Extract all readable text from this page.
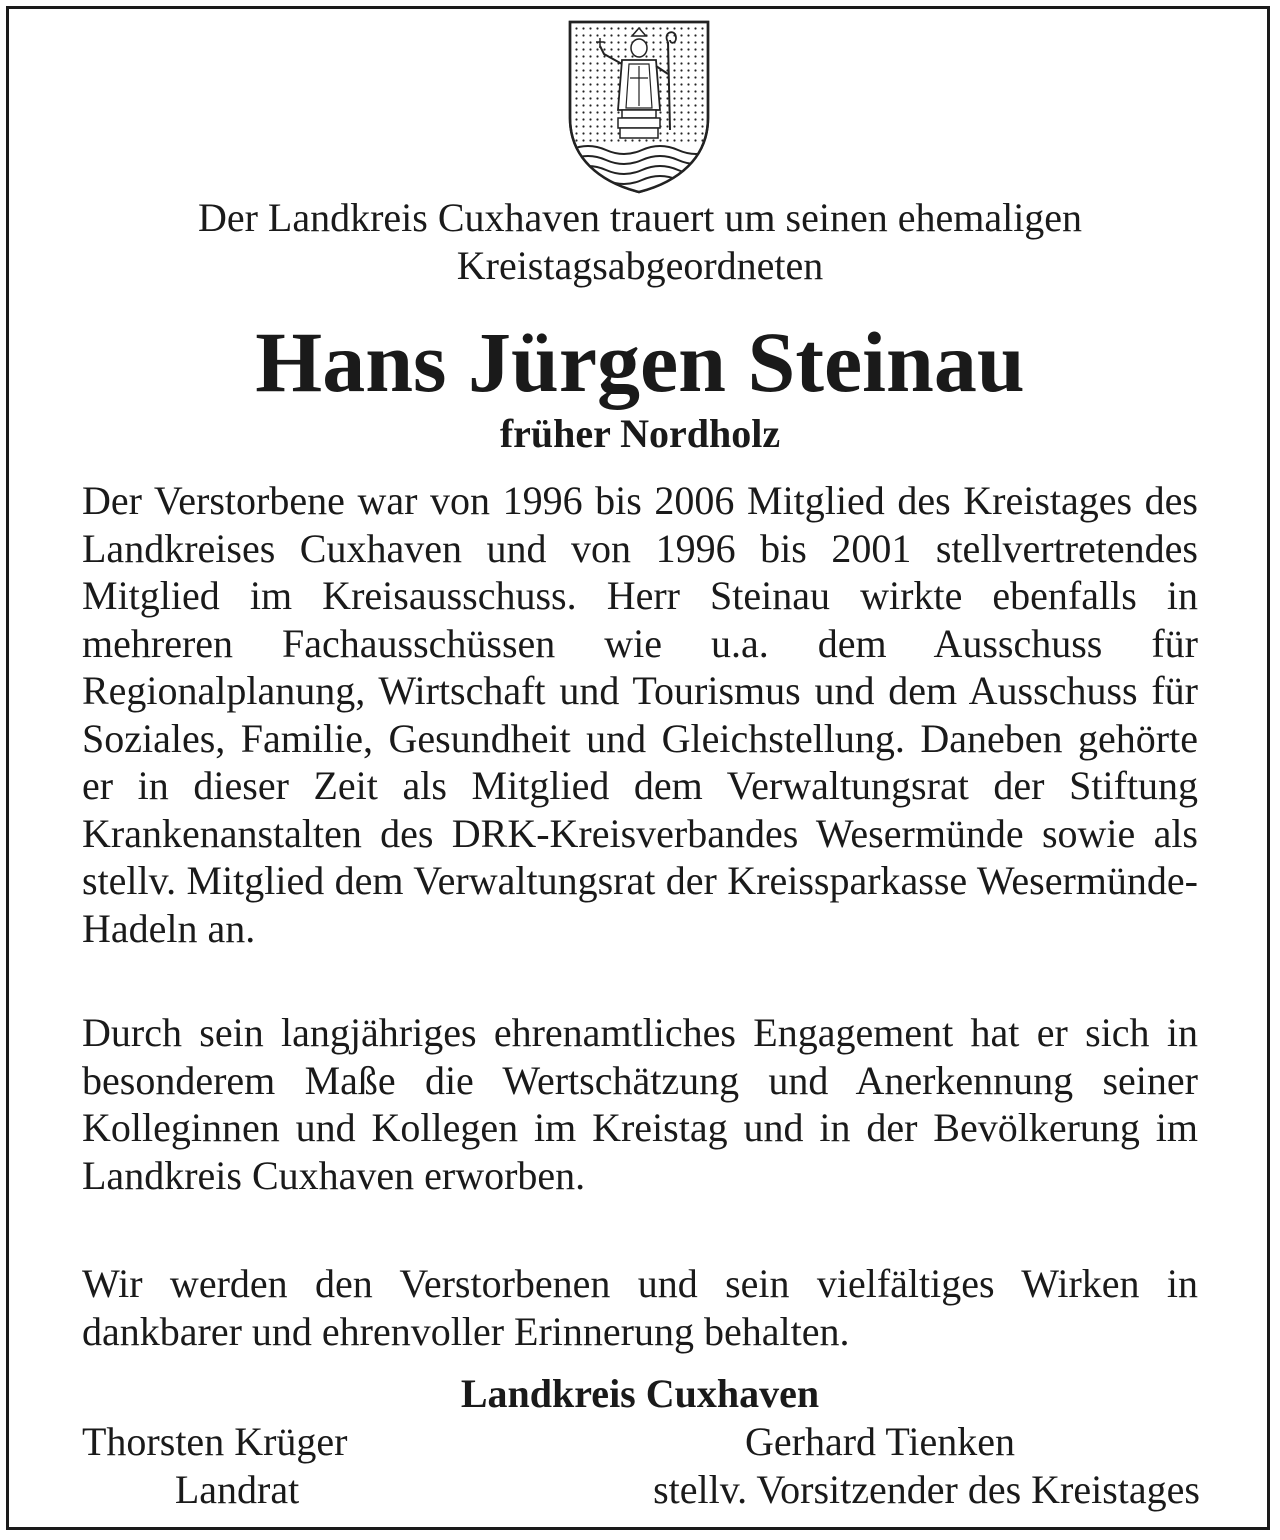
Der Landkreis Cuxhaven trauert um seinen ehemaligen
Kreistagsabgeordneten
Hans Jürgen Steinau
früher Nordholz

Der Verstorbene war von 1996 bis 2006 Mitglied des Kreistages des Landkreises Cuxhaven und von 1996 bis 2001 stellvertretendes Mitglied im Kreisausschuss. Herr Steinau wirkte ebenfalls in mehreren Fachausschüssen wie u.a. dem Ausschuss für Regionalplanung, Wirtschaft und Tourismus und dem Ausschuss für Soziales, Familie, Gesundheit und Gleichstellung. Daneben gehörte er in dieser Zeit als Mitglied dem Verwaltungsrat der Stiftung Krankenanstalten des DRK-Kreisverbandes Wesermünde sowie als stellv. Mitglied dem Verwaltungsrat der Kreissparkasse Wesermünde-Hadeln an.

Durch sein langjähriges ehrenamtliches Engagement hat er sich in besonderem Maße die Wertschätzung und Anerkennung seiner Kolleginnen und Kollegen im Kreistag und in der Bevölkerung im Landkreis Cuxhaven erworben.

Wir werden den Verstorbenen und sein vielfältiges Wirken in dankbarer und ehrenvoller Erinnerung behalten.

Landkreis Cuxhaven
Thorsten Krüger
Landrat
Gerhard Tienken
stellv. Vorsitzender des Kreistages
